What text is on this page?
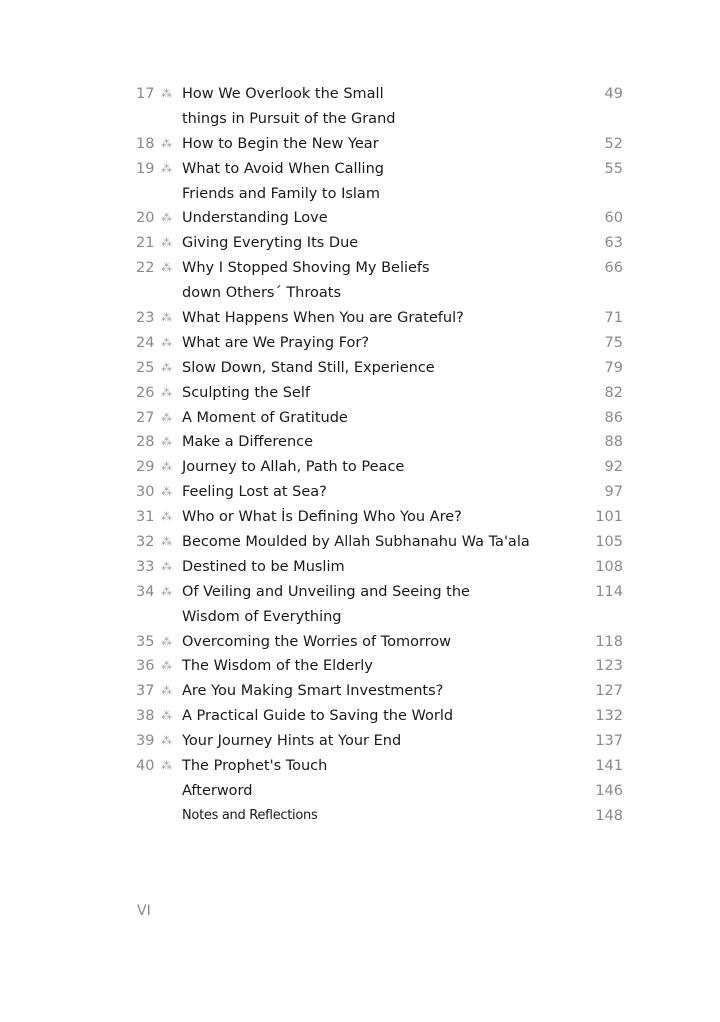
17 ⁂ How We Overlook the Small	49
things in Pursuit of the Grand
18 ⁂ How to Begin the New Year	52
19 ⁂ What to Avoid When Calling	55
Friends and Family to Islam
20 ⁂ Understanding Love	60
21 ⁂ Giving Everyting Its Due	63
22 ⁂ Why I Stopped Shoving My Beliefs	66
down Others´ Throats
23 ⁂ What Happens When You are Grateful?	71
24 ⁂ What are We Praying For?	75
25 ⁂ Slow Down, Stand Still, Experience	79
26 ⁂ Sculpting the Self	82
27 ⁂ A Moment of Gratitude	86
28 ⁂ Make a Difference	88
29 ⁂ Journey to Allah, Path to Peace	92
30 ⁂ Feeling Lost at Sea?	97
31 ⁂ Who or What İs Defining Who You Are?	101
32 ⁂ Become Moulded by Allah Subhanahu Wa Ta'ala	105
33 ⁂ Destined to be Muslim	108
34 ⁂ Of Veiling and Unveiling and Seeing the	114
Wisdom of Everything
35 ⁂ Overcoming the Worries of Tomorrow	118
36 ⁂ The Wisdom of the Elderly	123
37 ⁂ Are You Making Smart Investments?	127
38 ⁂ A Practical Guide to Saving the World	132
39 ⁂ Your Journey Hints at Your End	137
40 ⁂ The Prophet's Touch	141
Afterword	146
Notes and Reflections	148
VI
